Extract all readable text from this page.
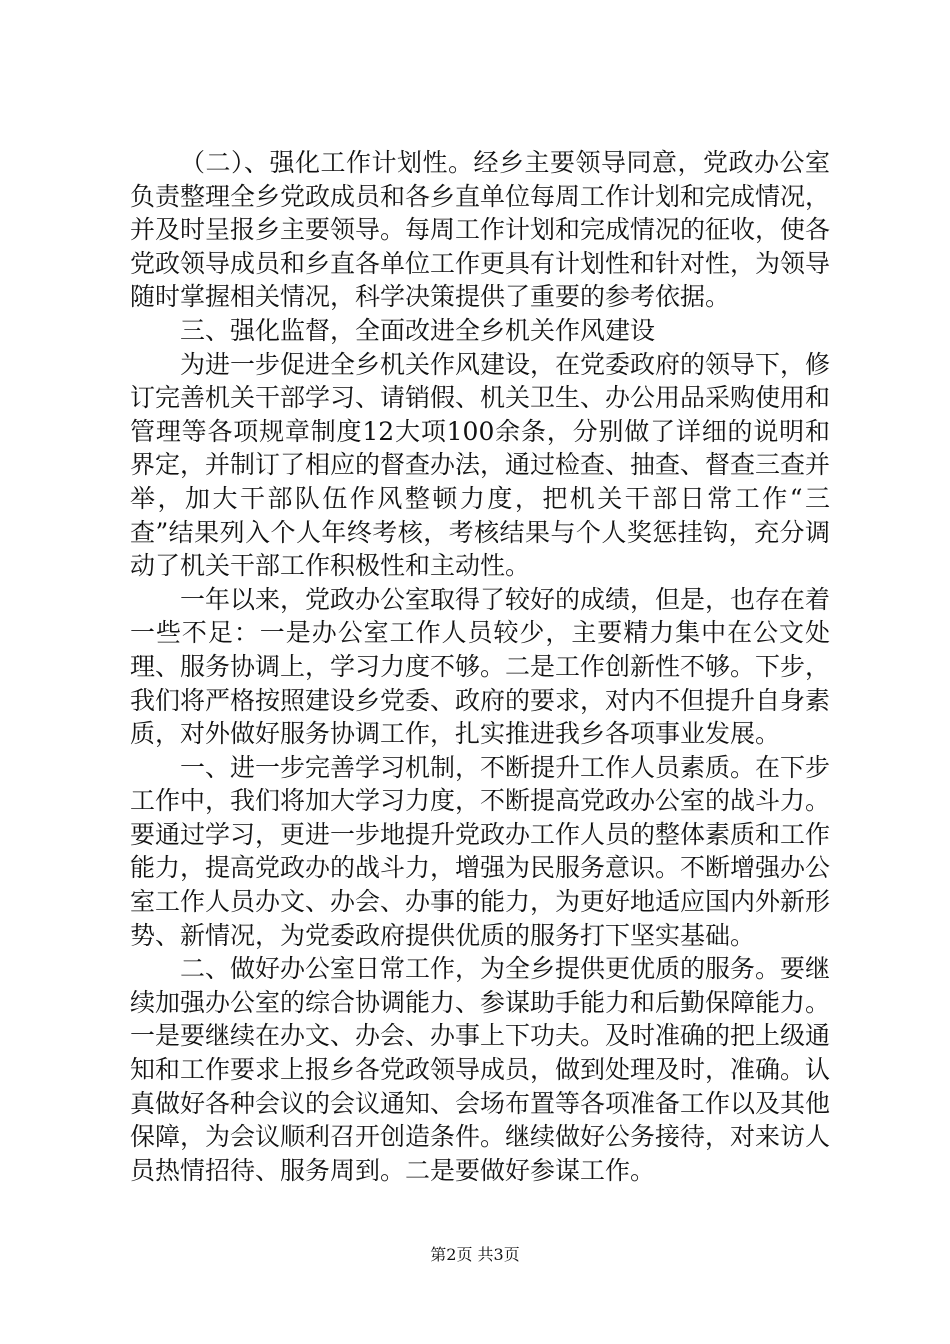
（二）、强化工作计划性。经乡主要领导同意，党政办公室负责整理全乡党政成员和各乡直单位每周工作计划和完成情况，并及时呈报乡主要领导。每周工作计划和完成情况的征收，使各党政领导成员和乡直各单位工作更具有计划性和针对性，为领导随时掌握相关情况，科学决策提供了重要的参考依据。

三、强化监督，全面改进全乡机关作风建设

为进一步促进全乡机关作风建设，在党委政府的领导下，修订完善机关干部学习、请销假、机关卫生、办公用品采购使用和管理等各项规章制度12大项100余条，分别做了详细的说明和界定，并制订了相应的督查办法，通过检查、抽查、督查三查并举，加大干部队伍作风整顿力度，把机关干部日常工作“三查”结果列入个人年终考核，考核结果与个人奖惩挂钩，充分调动了机关干部工作积极性和主动性。

一年以来，党政办公室取得了较好的成绩，但是，也存在着一些不足：一是办公室工作人员较少，主要精力集中在公文处理、服务协调上，学习力度不够。二是工作创新性不够。下步，我们将严格按照建设乡党委、政府的要求，对内不但提升自身素质，对外做好服务协调工作，扎实推进我乡各项事业发展。

一、进一步完善学习机制，不断提升工作人员素质。在下步工作中，我们将加大学习力度，不断提高党政办公室的战斗力。要通过学习，更进一步地提升党政办工作人员的整体素质和工作能力，提高党政办的战斗力，增强为民服务意识。不断增强办公室工作人员办文、办会、办事的能力，为更好地适应国内外新形势、新情况，为党委政府提供优质的服务打下坚实基础。

二、做好办公室日常工作，为全乡提供更优质的服务。要继续加强办公室的综合协调能力、参谋助手能力和后勤保障能力。一是要继续在办文、办会、办事上下功夫。及时准确的把上级通知和工作要求上报乡各党政领导成员，做到处理及时，准确。认真做好各种会议的会议通知、会场布置等各项准备工作以及其他保障，为会议顺利召开创造条件。继续做好公务接待，对来访人员热情招待、服务周到。二是要做好参谋工作。

第2页 共3页
